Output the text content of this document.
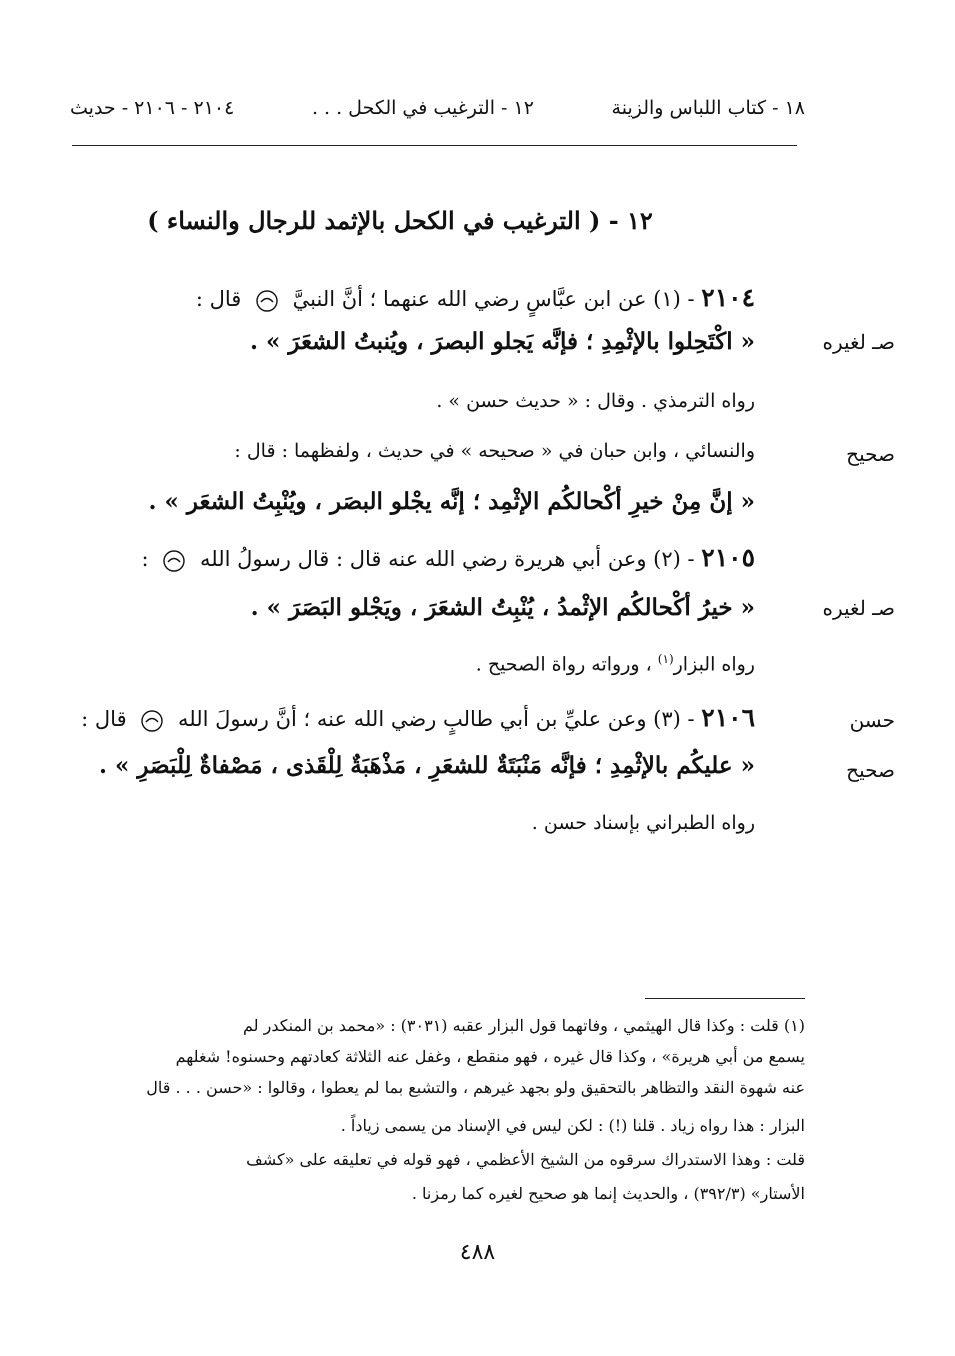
١٨ - كتاب اللباس والزينة
١٢ - الترغيب في الكحل . . .
٢١٠٤ - ٢١٠٦ - حديث
١٢ - ( الترغيب في الكحل بالإثمد للرجال والنساء )
٢١٠٤ - (١) عن ابن عبَّاسٍ رضي الله عنهما ؛ أنَّ النبيَّ  قال :
صـ لغيره
« اكْتَحِلوا بالإثْمِدِ ؛ فإنَّه يَجلو البصرَ ، ويُنبتُ الشعَرَ » .
رواه الترمذي . وقال : « حديث حسن » .
صحيح
والنسائي ، وابن حبان في « صحيحه » في حديث ، ولفظهما : قال :
« إنَّ مِنْ خيرِ أكْحالكُم الإثْمِد ؛ إنَّه يجْلو البصَر ، ويُنْبِتُ الشعَر » .
٢١٠٥ - (٢) وعن أبي هريرة رضي الله عنه قال : قال رسولُ الله  :
صـ لغيره
« خيرُ أكْحالكُم الإثْمدُ ، يُنْبِتُ الشعَرَ ، ويَجْلو البَصَرَ » .
رواه البزار$^{(١)}$ ، ورواته رواة الصحيح .
حسن
٢١٠٦ - (٣) وعن عليِّ بن أبي طالبٍ رضي الله عنه ؛ أنَّ رسولَ الله  قال :
صحيح
« عليكُم بالإثْمِدِ ؛ فإنَّه مَنْبَتَةٌ للشعَرِ ، مَذْهَبَةٌ لِلْقَذى ، مَصْفاةٌ لِلْبَصَرِ » .
رواه الطبراني بإسناد حسن .
(١) قلت : وكذا قال الهيثمي ، وفاتهما قول البزار عقبه (٣٠٣١) : «محمد بن المنكدر لم
يسمع من أبي هريرة» ، وكذا قال غيره ، فهو منقطع ، وغفل عنه الثلاثة كعادتهم وحسنوه! شغلهم
عنه شهوة النقد والتظاهر بالتحقيق ولو بجهد غيرهم ، والتشبع بما لم يعطوا ، وقالوا : «حسن . . . قال
البزار : هذا رواه زياد . قلنا (!) : لكن ليس في الإسناد من يسمى زياداً .
قلت : وهذا الاستدراك سرقوه من الشيخ الأعظمي ، فهو قوله في تعليقه على «كشف
الأستار» (٣٩٢/٣) ، والحديث إنما هو صحيح لغيره كما رمزنا .
٤٨٨
